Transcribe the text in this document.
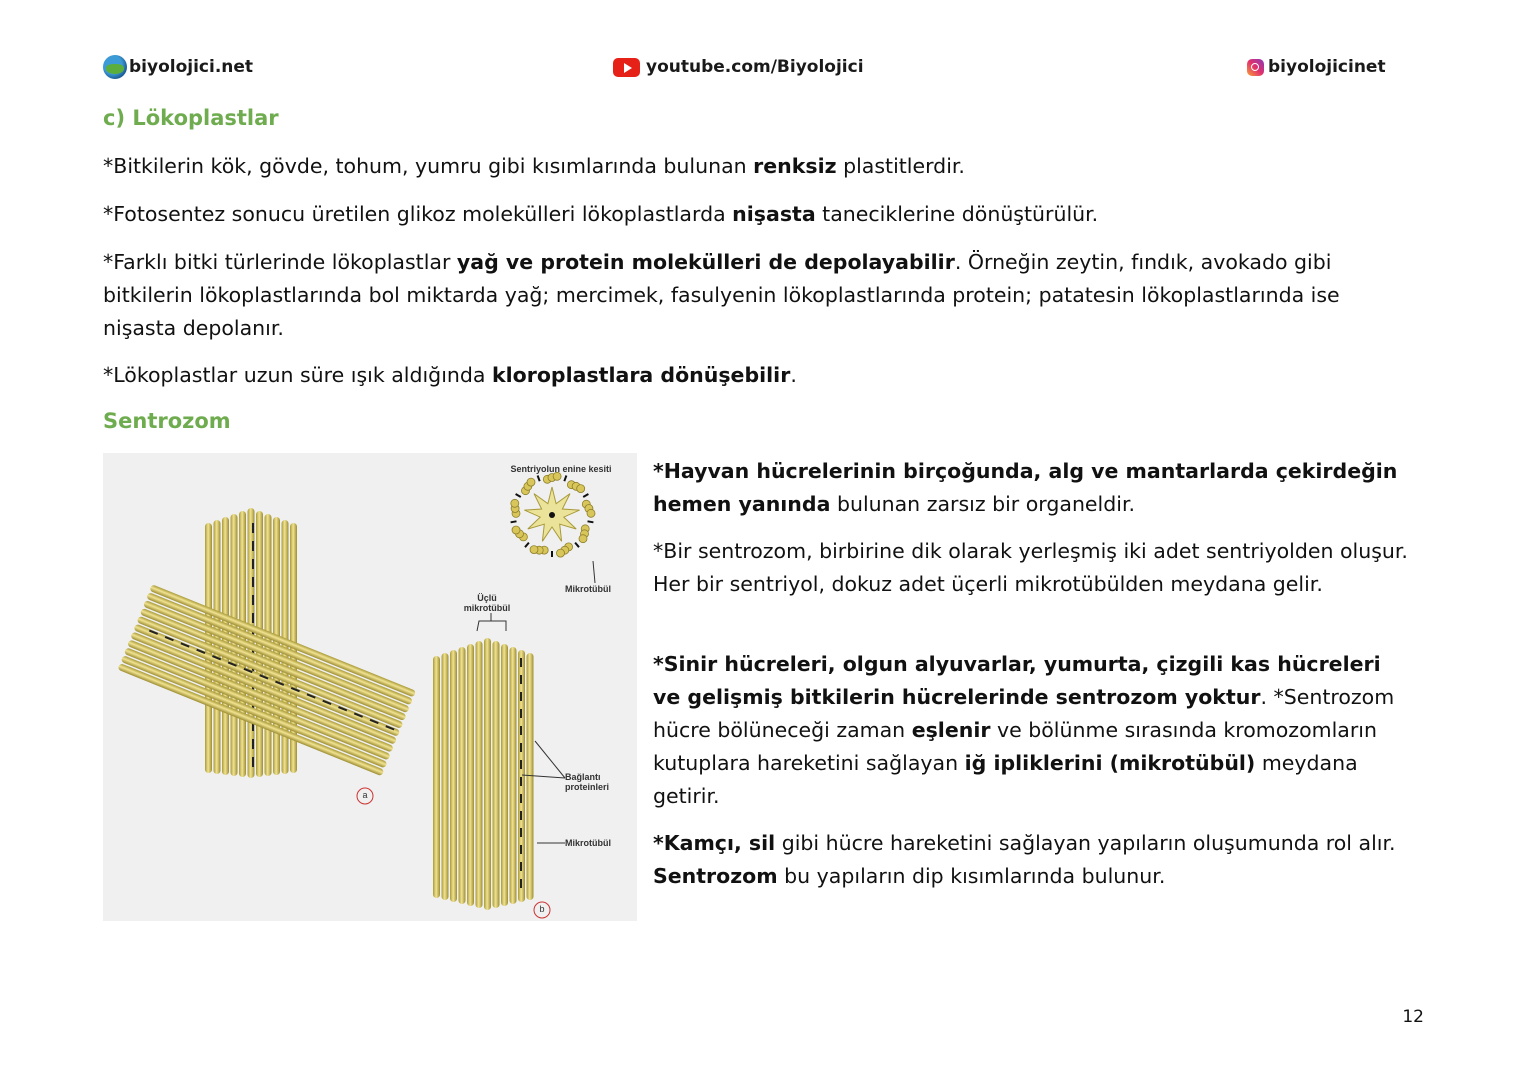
biyolojici.net	youtube.com/Biyolojici	biyolojicinet
c) Lökoplastlar

*Bitkilerin kök, gövde, tohum, yumru gibi kısımlarında bulunan renksiz plastitlerdir.

*Fotosentez sonucu üretilen glikoz molekülleri lökoplastlarda nişasta taneciklerine dönüştürülür.

*Farklı bitki türlerinde lökoplastlar yağ ve protein molekülleri de depolayabilir. Örneğin zeytin, fındık, avokado gibi bitkilerin lökoplastlarında bol miktarda yağ; mercimek, fasulyenin lökoplastlarında protein; patatesin lökoplastlarında ise nişasta depolanır.

*Lökoplastlar uzun süre ışık aldığında kloroplastlara dönüşebilir.

Sentrozom
Sentriyolun enine kesiti
Mikrotübül
Üçlü mikrotübül
Bağlantı proteinleri
Mikrotübül
a
b

*Hayvan hücrelerinin birçoğunda, alg ve mantarlarda çekirdeğin hemen yanında bulunan zarsız bir organeldir.

*Bir sentrozom, birbirine dik olarak yerleşmiş iki adet sentriyolden oluşur. Her bir sentriyol, dokuz adet üçerli mikrotübülden meydana gelir.

*Sinir hücreleri, olgun alyuvarlar, yumurta, çizgili kas hücreleri ve gelişmiş bitkilerin hücrelerinde sentrozom yoktur. *Sentrozom hücre bölüneceği zaman eşlenir ve bölünme sırasında kromozomların kutuplara hareketini sağlayan iğ ipliklerini (mikrotübül) meydana getirir.

*Kamçı, sil gibi hücre hareketini sağlayan yapıların oluşumunda rol alır. Sentrozom bu yapıların dip kısımlarında bulunur.

12
